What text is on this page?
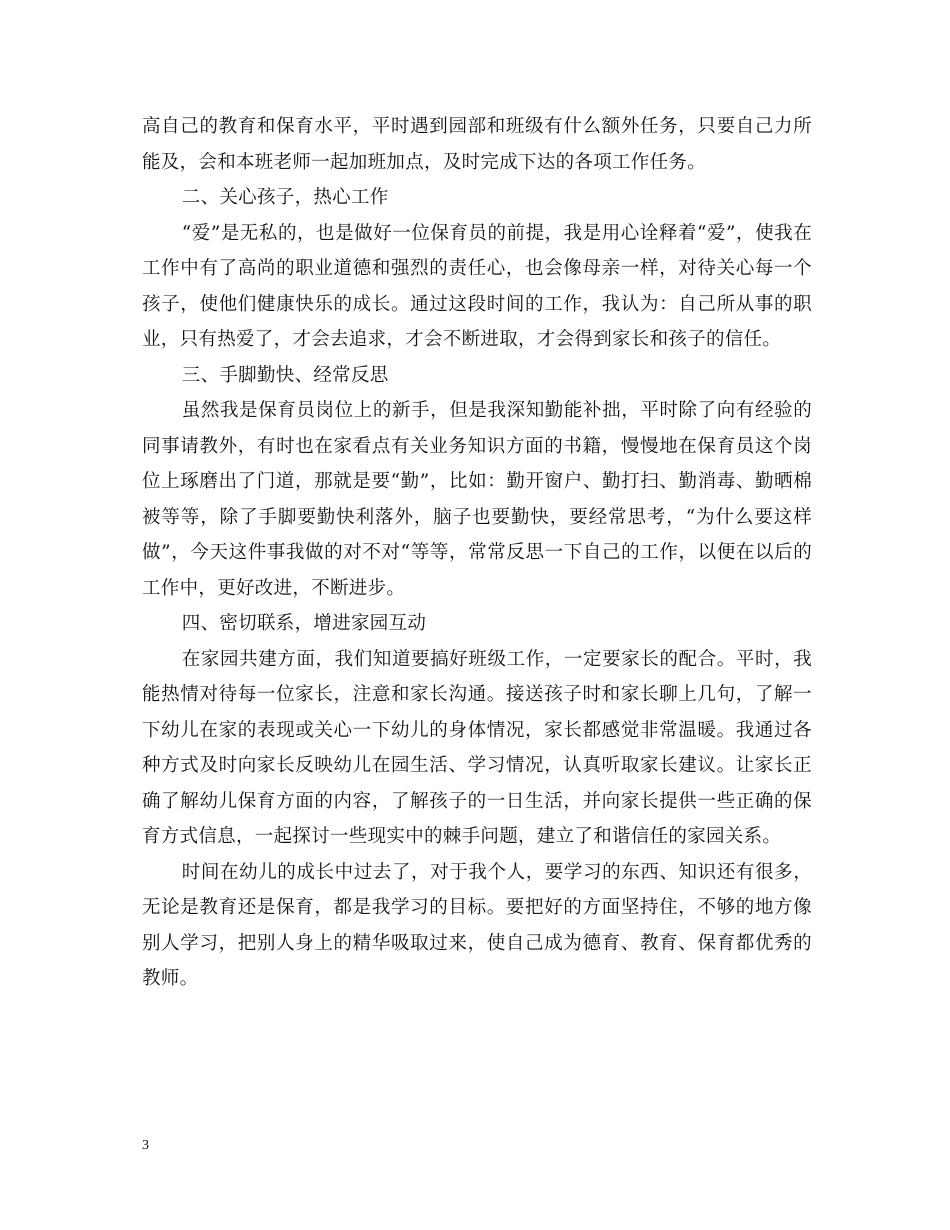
高自己的教育和保育水平，平时遇到园部和班级有什么额外任务，只要自己力所能及，会和本班老师一起加班加点，及时完成下达的各项工作任务。

二、关心孩子，热心工作

“爱”是无私的，也是做好一位保育员的前提，我是用心诠释着“爱”，使我在工作中有了高尚的职业道德和强烈的责任心，也会像母亲一样，对待关心每一个孩子，使他们健康快乐的成长。通过这段时间的工作，我认为：自己所从事的职业，只有热爱了，才会去追求，才会不断进取，才会得到家长和孩子的信任。

三、手脚勤快、经常反思

虽然我是保育员岗位上的新手，但是我深知勤能补拙，平时除了向有经验的同事请教外，有时也在家看点有关业务知识方面的书籍，慢慢地在保育员这个岗位上琢磨出了门道，那就是要“勤”，比如：勤开窗户、勤打扫、勤消毒、勤晒棉被等等，除了手脚要勤快利落外，脑子也要勤快，要经常思考，“为什么要这样做”，今天这件事我做的对不对“等等，常常反思一下自己的工作，以便在以后的工作中，更好改进，不断进步。

四、密切联系，增进家园互动

在家园共建方面，我们知道要搞好班级工作，一定要家长的配合。平时，我能热情对待每一位家长，注意和家长沟通。接送孩子时和家长聊上几句，了解一下幼儿在家的表现或关心一下幼儿的身体情况，家长都感觉非常温暖。我通过各种方式及时向家长反映幼儿在园生活、学习情况，认真听取家长建议。让家长正确了解幼儿保育方面的内容，了解孩子的一日生活，并向家长提供一些正确的保育方式信息，一起探讨一些现实中的棘手问题，建立了和谐信任的家园关系。

时间在幼儿的成长中过去了，对于我个人，要学习的东西、知识还有很多，无论是教育还是保育，都是我学习的目标。要把好的方面坚持住，不够的地方像别人学习，把别人身上的精华吸取过来，使自己成为德育、教育、保育都优秀的教师。

3
